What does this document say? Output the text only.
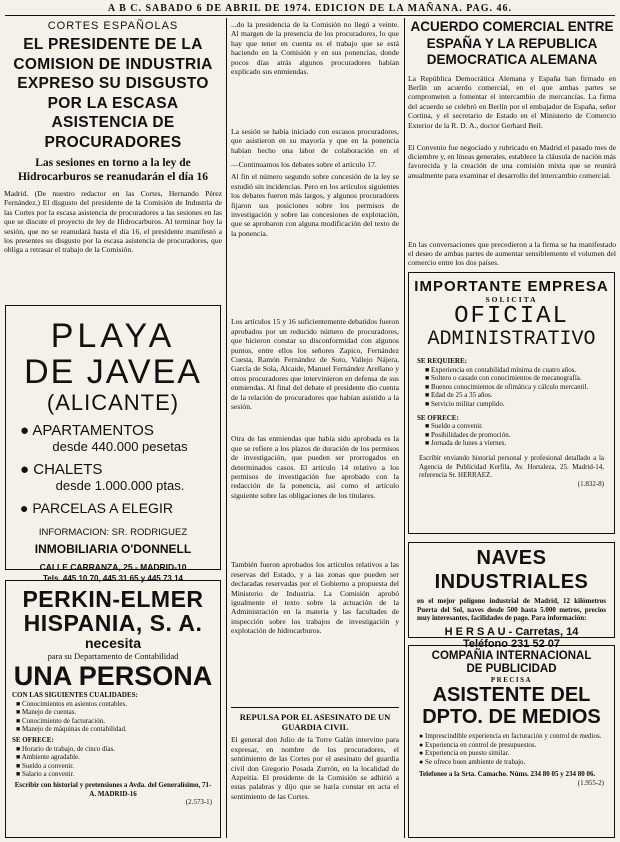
A B C. SABADO 6 DE ABRIL DE 1974. EDICION DE LA MAÑANA. PAG. 46.
CORTES ESPAÑOLAS
EL PRESIDENTE DE LA COMISION DE INDUSTRIA EXPRESO SU DISGUSTO POR LA ESCASA ASISTENCIA DE PROCURADORES
Las sesiones en torno a la ley de Hidrocarburos se reanudarán el día 16
Madrid. (De nuestro redactor en las Cortes, Hernando Pérez Fernández.) El disgusto del presidente de la Comisión de Industria de las Cortes por la escasa asistencia de procuradores a las sesiones en las que se discute el proyecto de ley de Hidrocarburos. Al terminar hoy la sesión, que no se reanudará hasta el día 16, el presidente manifestó a los presentes su disgusto por la escasa asistencia de procuradores, que obliga a retrasar el trabajo de la Comisión.
PLAYA
DE JAVEA
(ALICANTE)
● APARTAMENTOS
desde 440.000 pesetas
● CHALETS
desde 1.000.000 ptas.
● PARCELAS A ELEGIR
INFORMACION: SR. RODRIGUEZ
INMOBILIARIA O'DONNELL
CALLE CARRANZA, 25 - MADRID-10
Tels. 445 10 70, 445 31 65 y 445 73 14
PERKIN-ELMER
HISPANIA, S. A.
necesita
para su Departamento de Contabilidad
UNA PERSONA
CON LAS SIGUIENTES CUALIDADES:
■ Conocimientos en asientos contables.
■ Manejo de cuentas.
■ Conocimiento de facturación.
■ Manejo de máquinas de contabilidad.
SE OFRECE:
■ Horario de trabajo, de cinco días.
■ Ambiente agradable.
■ Sueldo a convenir.
■ Salario a convenir.
Escribir con historial y pretensiones a Avda. del Generalísimo, 71-A. MADRID-16
(2.573-1)
...do la presidencia de la Comisión no llegó a veinte. Al margen de la presencia de los procuradores, lo que hay que tener en cuenta es el trabajo que se está haciendo en la Comisión y en sus ponencias, donde pocos días atrás algunos procuradores habían explicado sus enmiendas.
La sesión se había iniciado con escasos procuradores, que asistieron en su mayoría y que en la ponencia habían hecho una labor de colaboración en el
—Continuamos los debates sobre el artículo 17.
Al fin el número segundo sobre concesión de la ley se estudió sin incidencias. Pero en los artículos siguientes los debates fueron más largos, y algunos procuradores fijaron sus posiciones sobre los permisos de investigación y sobre las concesiones de explotación, que se aprobaron con alguna modificación del texto de la ponencia.
Los artículos 15 y 16 suficientemente debatidos fueron aprobados por un reducido número de procuradores, que hicieron constar su disconformidad con algunos puntos, entre ellos los señores Zapico, Fernández Cuesta, Ramón Fernández de Soto, Vallejo Nájera, García de Sola, Alcaide, Manuel Fernández Arellano y otros procuradores que intervinieron en defensa de sus enmiendas. Al final del debate el presidente dio cuenta de la relación de procuradores que habían asistido a la sesión.
Otra de las enmiendas que había sido aprobada es la que se refiere a los plazos de duración de los permisos de investigación, que pueden ser prorrogados en determinados casos. El artículo 14 relativo a los permisos de investigación fue aprobado con la redacción de la ponencia, así como el artículo siguiente sobre las obligaciones de los titulares.
También fueron aprobados los artículos relativos a las reservas del Estado, y a las zonas que pueden ser declaradas reservadas por el Gobierno a propuesta del Ministerio de Industria. La Comisión aprobó igualmente el texto sobre la actuación de la Administración en la materia y las facultades de inspección sobre los trabajos de investigación y explotación de hidrocarburos.
REPULSA POR EL ASESINATO DE UN GUARDIA CIVIL
El general don Julio de la Torre Galán intervino para expresar, en nombre de los procuradores, el sentimiento de las Cortes por el asesinato del guardia civil don Gregorio Posada Zurrón, en la localidad de Azpeitia. El presidente de la Comisión se adhirió a estas palabras y dijo que se haría constar en acta el sentimiento de las Cortes.
ACUERDO COMERCIAL ENTRE ESPAÑA Y LA REPUBLICA DEMOCRATICA ALEMANA
La República Democrática Alemana y España han firmado en Berlín un acuerdo comercial, en el que ambas partes se comprometen a fomentar el intercambio de mercancías. La firma del acuerdo se celebró en Berlín por el embajador de España, señor Cortina, y el secretario de Estado en el Ministerio de Comercio Exterior de la R. D. A., doctor Gerhard Beil.
El Convenio fue negociado y rubricado en Madrid el pasado mes de diciembre y, en líneas generales, establece la cláusula de nación más favorecida y la creación de una comisión mixta que se reunirá anualmente para examinar el desarrollo del intercambio comercial.
En las conversaciones que precedieron a la firma se ha manifestado el deseo de ambas partes de aumentar sensiblemente el volumen del comercio entre los dos países.
IMPORTANTE EMPRESA
SOLICITA
OFICIAL
ADMINISTRATIVO
SE REQUIERE:
■ Experiencia en contabilidad mínima de cuatro años.
■ Soltero o casado con conocimientos de mecanografía.
■ Buenos conocimientos de ofimática y cálculo mercantil.
■ Edad de 25 a 35 años.
■ Servicio militar cumplido.
SE OFRECE:
■ Sueldo a convenir.
■ Posibilidades de promoción.
■ Jornada de lunes a viernes.
Escribir enviando historial personal y profesional detallado a la Agencia de Publicidad Kerfila, Av. Hortaleza, 25. Madrid-14, referencia Sr. HERRAEZ.
(1.832-8)
NAVES INDUSTRIALES
en el mejor polígono industrial de Madrid, 12 kilómetros Puerta del Sol, naves desde 500 hasta 5.000 metros, precios muy interesantes, facilidades de pago. Para información:
H E R S A U - Carretas, 14
Teléfono 231 52 07
COMPAÑIA INTERNACIONAL
DE PUBLICIDAD
PRECISA
ASISTENTE DEL
DPTO. DE MEDIOS
● Imprescindible experiencia en facturación y control de medios.
● Experiencia en control de presupuestos.
● Experiencia en puesto similar.
● Se ofrece buen ambiente de trabajo.
Telefonee a la Srta. Camacho. Núms. 234 80 05 y 234 80 06.
(1.955-2)
